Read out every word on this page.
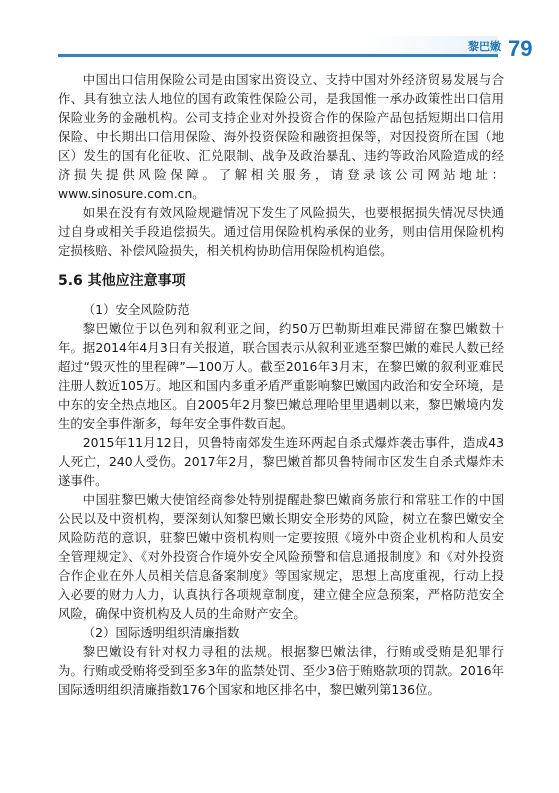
黎巴嫩 79

中国出口信用保险公司是由国家出资设立、支持中国对外经济贸易发展与合作、具有独立法人地位的国有政策性保险公司，是我国惟一承办政策性出口信用保险业务的金融机构。公司支持企业对外投资合作的保险产品包括短期出口信用保险、中长期出口信用保险、海外投资保险和融资担保等，对因投资所在国（地区）发生的国有化征收、汇兑限制、战争及政治暴乱、违约等政治风险造成的经济损失提供风险保障。了解相关服务，请登录该公司网站地址：www.sinosure.com.cn。

如果在没有有效风险规避情况下发生了风险损失，也要根据损失情况尽快通过自身或相关手段追偿损失。通过信用保险机构承保的业务，则由信用保险机构定损核赔、补偿风险损失，相关机构协助信用保险机构追偿。

5.6 其他应注意事项

（1）安全风险防范

黎巴嫩位于以色列和叙利亚之间，约50万巴勒斯坦难民滞留在黎巴嫩数十年。据2014年4月3日有关报道，联合国表示从叙利亚逃至黎巴嫩的难民人数已经超过“毁灭性的里程碑”—100万人。截至2016年3月末，在黎巴嫩的叙利亚难民注册人数近105万。地区和国内多重矛盾严重影响黎巴嫩国内政治和安全环境，是中东的安全热点地区。自2005年2月黎巴嫩总理哈里里遇刺以来，黎巴嫩境内发生的安全事件渐多，每年安全事件数百起。

2015年11月12日，贝鲁特南郊发生连环两起自杀式爆炸袭击事件，造成43人死亡，240人受伤。2017年2月，黎巴嫩首都贝鲁特闹市区发生自杀式爆炸未遂事件。

中国驻黎巴嫩大使馆经商参处特别提醒赴黎巴嫩商务旅行和常驻工作的中国公民以及中资机构，要深刻认知黎巴嫩长期安全形势的风险，树立在黎巴嫩安全风险防范的意识，驻黎巴嫩中资机构则一定要按照《境外中资企业机构和人员安全管理规定》、《对外投资合作境外安全风险预警和信息通报制度》和《对外投资合作企业在外人员相关信息备案制度》等国家规定，思想上高度重视，行动上投入必要的财力人力，认真执行各项规章制度，建立健全应急预案，严格防范安全风险，确保中资机构及人员的生命财产安全。

（2）国际透明组织清廉指数

黎巴嫩设有针对权力寻租的法规。根据黎巴嫩法律，行贿或受贿是犯罪行为。行贿或受贿将受到至多3年的监禁处罚、至少3倍于贿赂款项的罚款。2016年国际透明组织清廉指数176个国家和地区排名中，黎巴嫩列第136位。
